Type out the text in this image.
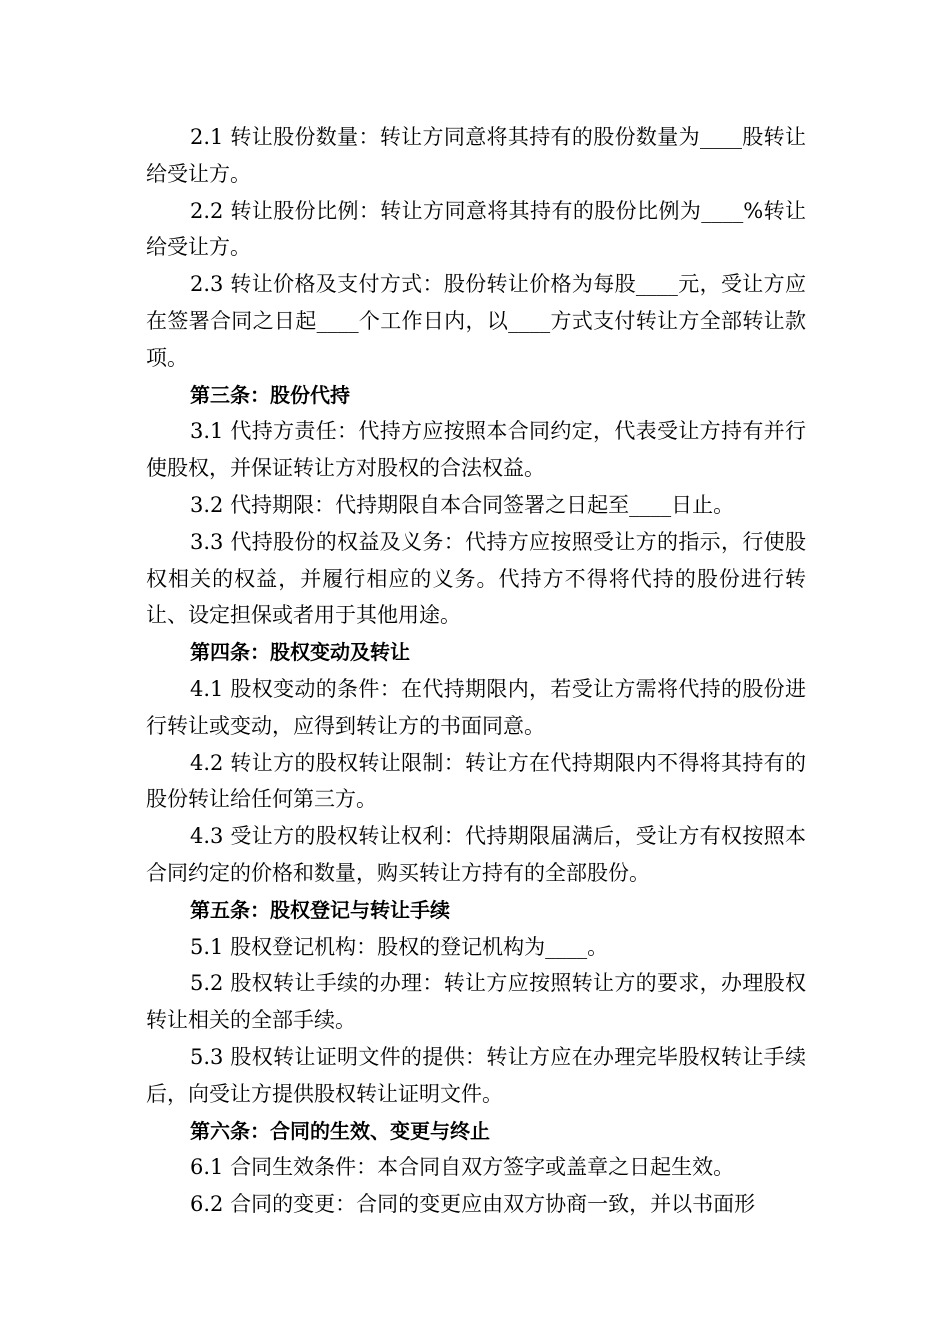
2.1 转让股份数量：转让方同意将其持有的股份数量为____股转让给受让方。

2.2 转让股份比例：转让方同意将其持有的股份比例为____%转让给受让方。

2.3 转让价格及支付方式：股份转让价格为每股____元，受让方应在签署合同之日起____个工作日内，以____方式支付转让方全部转让款项。

第三条：股份代持

3.1 代持方责任：代持方应按照本合同约定，代表受让方持有并行使股权，并保证转让方对股权的合法权益。

3.2 代持期限：代持期限自本合同签署之日起至____日止。

3.3 代持股份的权益及义务：代持方应按照受让方的指示，行使股权相关的权益，并履行相应的义务。代持方不得将代持的股份进行转让、设定担保或者用于其他用途。

第四条：股权变动及转让

4.1 股权变动的条件：在代持期限内，若受让方需将代持的股份进行转让或变动，应得到转让方的书面同意。

4.2 转让方的股权转让限制：转让方在代持期限内不得将其持有的股份转让给任何第三方。

4.3 受让方的股权转让权利：代持期限届满后，受让方有权按照本合同约定的价格和数量，购买转让方持有的全部股份。

第五条：股权登记与转让手续

5.1 股权登记机构：股权的登记机构为____。

5.2 股权转让手续的办理：转让方应按照转让方的要求，办理股权转让相关的全部手续。

5.3 股权转让证明文件的提供：转让方应在办理完毕股权转让手续后，向受让方提供股权转让证明文件。

第六条：合同的生效、变更与终止

6.1 合同生效条件：本合同自双方签字或盖章之日起生效。

6.2 合同的变更：合同的变更应由双方协商一致，并以书面形
